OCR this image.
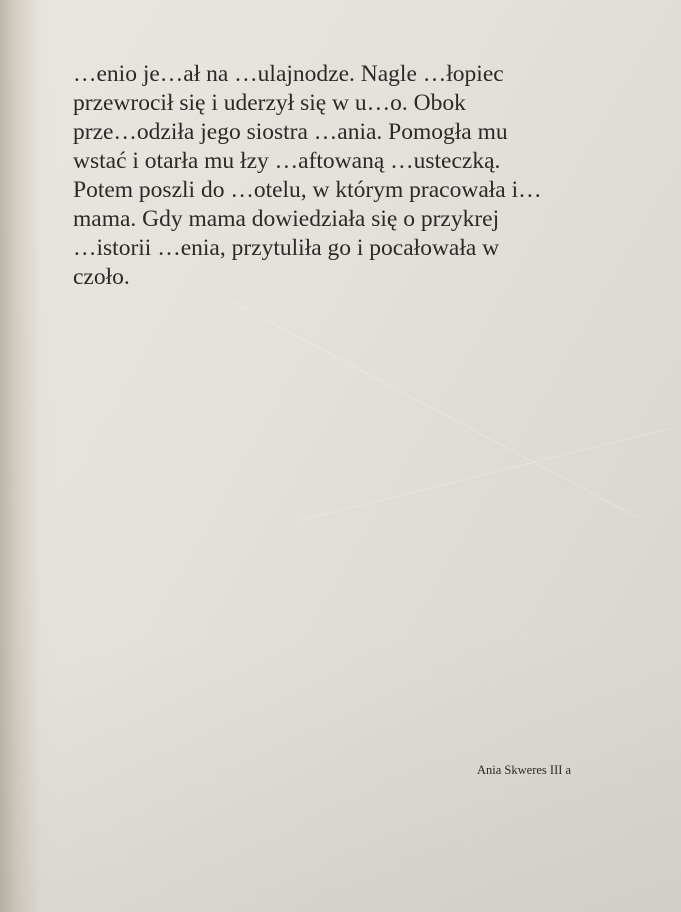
…enio je…ał na …ulajnodze. Nagle …łopiec
przewrocił się i uderzył się w u…o. Obok
prze…odziła jego siostra …ania. Pomogła mu
wstać i otarła mu łzy …aftowaną …usteczką.
Potem poszli do …otelu, w którym pracowała i…
mama. Gdy mama dowiedziała się o przykrej
…istorii …enia, przytuliła go i pocałowała w
czoło.
Ania Skweres III a
